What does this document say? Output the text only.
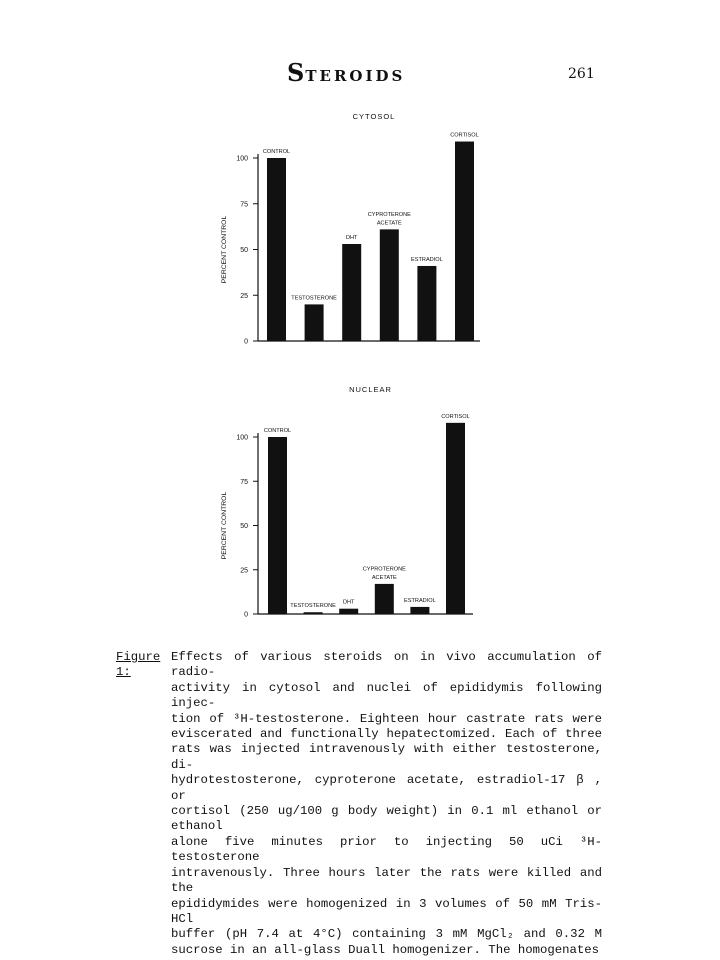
STEROIDS	261
CYTOSOL
0
25
50
75
100
PERCENT CONTROL
CONTROL
TESTOSTERONE
DHT
CYPROTERONE
ACETATE
ESTRADIOL
CORTISOL
NUCLEAR
0
25
50
75
100
PERCENT CONTROL
CONTROL
TESTOSTERONE
DHT
CYPROTERONE
ACETATE
ESTRADIOL
CORTISOL
Figure 1:

Effects of various steroids on in vivo accumulation of radio-

activity in cytosol and nuclei of epididymis following injec-

tion of ³H-testosterone. Eighteen hour castrate rats were

eviscerated and functionally hepatectomized. Each of three

rats was injected intravenously with either testosterone, di-

hydrotestosterone, cyproterone acetate, estradiol-17 β , or

cortisol (250 ug/100 g body weight) in 0.1 ml ethanol or ethanol

alone five minutes prior to injecting 50 uCi ³H-testosterone

intravenously. Three hours later the rats were killed and the

epididymides were homogenized in 3 volumes of 50 mM Tris-HCl

buffer (pH 7.4 at 4°C) containing 3 mM MgCl₂ and 0.32 M

sucrose in an all-glass Duall homogenizer. The homogenates
